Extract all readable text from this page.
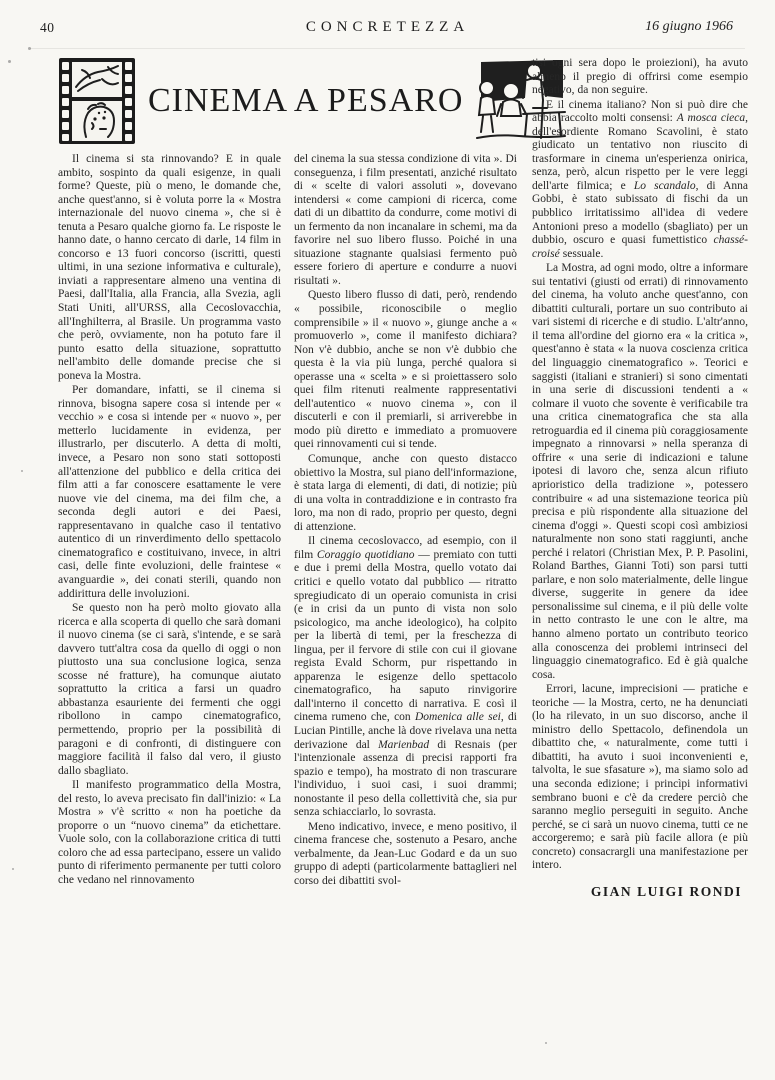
40	CONCRETEZZA	16 giugno 1966
CINEMA A PESARO

Il cinema si sta rinnovando? E in quale ambito, sospinto da quali esigenze, in quali forme? Queste, più o meno, le domande che, anche quest'anno, si è voluta porre la « Mostra internazionale del nuovo cinema », che si è tenuta a Pesaro qualche giorno fa. Le risposte le hanno date, o hanno cercato di darle, 14 film in concorso e 13 fuori concorso (iscritti, questi ultimi, in una sezione informativa e culturale), inviati a rappresentare almeno una ventina di Paesi, dall'Italia, alla Francia, alla Svezia, agli Stati Uniti, all'URSS, alla Cecoslovacchia, all'Inghilterra, al Brasile. Un programma vasto che però, ovviamente, non ha potuto fare il punto esatto della situazione, soprattutto nell'ambito delle domande precise che si poneva la Mostra.

Per domandare, infatti, se il cinema si rinnova, bisogna sapere cosa si intende per « vecchio » e cosa si intende per « nuovo », per metterlo lucidamente in evidenza, per illustrarlo, per discuterlo. A detta di molti, invece, a Pesaro non sono stati sottoposti all'attenzione del pubblico e della critica dei film atti a far conoscere esattamente le vere nuove vie del cinema, ma dei film che, a seconda degli autori e dei Paesi, rappresentavano in qualche caso il tentativo autentico di un rinverdimento dello spettacolo cinematografico e costituivano, invece, in altri casi, delle finte evoluzioni, delle fraintese « avanguardie », dei conati sterili, quando non addirittura delle involuzioni.

Se questo non ha però molto giovato alla ricerca e alla scoperta di quello che sarà domani il nuovo cinema (se ci sarà, s'intende, e se sarà davvero tutt'altra cosa da quello di oggi o non piuttosto una sua conclusione logica, senza scosse né fratture), ha comunque aiutato soprattutto la critica a farsi un quadro abbastanza esauriente dei fermenti che oggi ribollono in campo cinematografico, permettendo, proprio per la possibilità di paragoni e di confronti, di distinguere con maggiore facilità il falso dal vero, il giusto dallo sbagliato.

Il manifesto programmatico della Mostra, del resto, lo aveva precisato fin dall'inizio: « La Mostra » v'è scritto « non ha poetiche da proporre o un “nuovo cinema” da etichettare. Vuole solo, con la collaborazione critica di tutti coloro che ad essa partecipano, essere un valido punto di riferimento permanente per tutti coloro che vedano nel rinnovamento

del cinema la sua stessa condizione di vita ». Di conseguenza, i film presentati, anziché risultato di « scelte di valori assoluti », dovevano intendersi « come campioni di ricerca, come dati di un dibattito da condurre, come motivi di un fermento da non incanalare in schemi, ma da favorire nel suo libero flusso. Poiché in una situazione stagnante qualsiasi fermento può essere foriero di aperture e condurre a nuovi risultati ».

Questo libero flusso di dati, però, rendendo « possibile, riconoscibile o meglio comprensibile » il « nuovo », giunge anche a « promuoverlo », come il manifesto dichiara? Non v'è dubbio, anche se non v'è dubbio che questa è la via più lunga, perché qualora si operasse una « scelta » e si proiettassero solo quei film ritenuti realmente rappresentativi dell'autentico « nuovo cinema », con il discuterli e con il premiarli, si arriverebbe in modo più diretto e immediato a promuovere quei rinnovamenti cui si tende.

Comunque, anche con questo distacco obiettivo la Mostra, sul piano dell'informazione, è stata larga di elementi, di dati, di notizie; più di una volta in contraddizione e in contrasto fra loro, ma non di rado, proprio per questo, degni di attenzione.

Il cinema cecoslovacco, ad esempio, con il film Coraggio quotidiano — premiato con tutti e due i premi della Mostra, quello votato dai critici e quello votato dal pubblico — ritratto spregiudicato di un operaio comunista in crisi (e in crisi da un punto di vista non solo psicologico, ma anche ideologico), ha colpito per la libertà di temi, per la freschezza di lingua, per il fervore di stile con cui il giovane regista Evald Schorm, pur rispettando in apparenza le esigenze dello spettacolo cinematografico, ha saputo rinvigorire dall'interno il concetto di narrativa. E così il cinema rumeno che, con Domenica alle sei, di Lucian Pintille, anche là dove rivelava una netta derivazione dal Marienbad di Resnais (per l'intenzionale assenza di precisi rapporti fra spazio e tempo), ha mostrato di non trascurare l'individuo, i suoi casi, i suoi drammi; nonostante il peso della collettività che, sia pur senza schiacciarlo, lo sovrasta.

Meno indicativo, invece, e meno positivo, il cinema francese che, sostenuto a Pesaro, anche verbalmente, da Jean-Luc Godard e da un suo gruppo di adepti (particolarmente battaglieri nel corso dei dibattiti svol-

tisi ogni sera dopo le proiezioni), ha avuto almeno il pregio di offrirsi come esempio negativo, da non seguire.

E il cinema italiano? Non si può dire che abbia raccolto molti consensi: A mosca cieca, dell'esordiente Romano Scavolini, è stato giudicato un tentativo non riuscito di trasformare in cinema un'esperienza onirica, senza, però, alcun rispetto per le vere leggi dell'arte filmica; e Lo scandalo, di Anna Gobbi, è stato subissato di fischi da un pubblico irritatissimo all'idea di vedere Antonioni preso a modello (sbagliato) per un dubbio, oscuro e quasi fumettistico chassé-croisé sessuale.

La Mostra, ad ogni modo, oltre a informare sui tentativi (giusti od errati) di rinnovamento del cinema, ha voluto anche quest'anno, con dibattiti culturali, portare un suo contributo ai vari sistemi di ricerche e di studio. L'altr'anno, il tema all'ordine del giorno era « la critica », quest'anno è stata « la nuova coscienza critica del linguaggio cinematografico ». Teorici e saggisti (italiani e stranieri) si sono cimentati in una serie di discussioni tendenti a « colmare il vuoto che sovente è verificabile tra una critica cinematografica che sta alla retroguardia ed il cinema più coraggiosamente impegnato a rinnovarsi » nella speranza di offrire « una serie di indicazioni e talune ipotesi di lavoro che, senza alcun rifiuto aprioristico della tradizione », potessero contribuire « ad una sistemazione teorica più precisa e più rispondente alla situazione del cinema d'oggi ». Questi scopi così ambiziosi naturalmente non sono stati raggiunti, anche perché i relatori (Christian Mex, P. P. Pasolini, Roland Barthes, Gianni Toti) son parsi tutti parlare, e non solo materialmente, delle lingue diverse, suggerite in genere da idee personalissime sul cinema, e il più delle volte in netto contrasto le une con le altre, ma hanno almeno portato un contributo teorico alla conoscenza dei problemi intrinseci del linguaggio cinematografico. Ed è già qualche cosa.

Errori, lacune, imprecisioni — pratiche e teoriche — la Mostra, certo, ne ha denunciati (lo ha rilevato, in un suo discorso, anche il ministro dello Spettacolo, definendola un dibattito che, « naturalmente, come tutti i dibattiti, ha avuto i suoi inconvenienti e, talvolta, le sue sfasature »), ma siamo solo ad una seconda edizione; i princìpi informativi sembrano buoni e c'è da credere perciò che saranno meglio perseguiti in seguito. Anche perché, se ci sarà un nuovo cinema, tutti ce ne accorgeremo; e sarà più facile allora (e più concreto) consacrargli una manifestazione per intero.

GIAN LUIGI RONDI
